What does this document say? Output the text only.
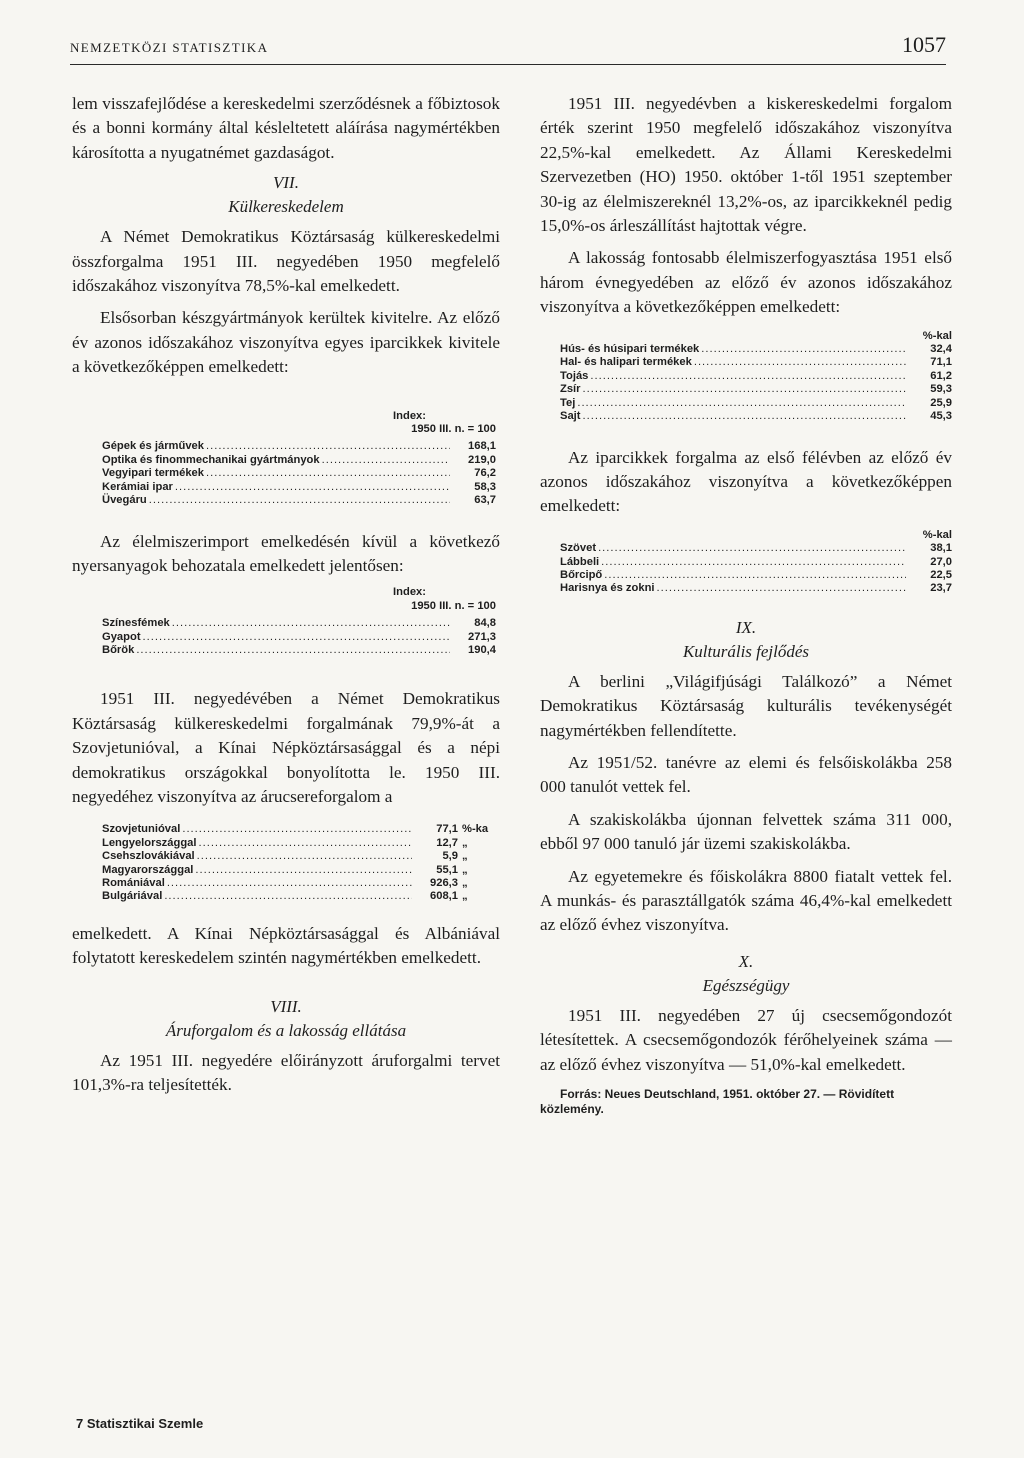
NEMZETKÖZI STATISZTIKA	1057

lem visszafejlődése a kereskedelmi szerződésnek a főbiztosok és a bonni kormány által késleltetett aláírása nagymértékben károsította a nyugatnémet gazdaságot.

VII.
Külkereskedelem

A Német Demokratikus Köztársaság külkereskedelmi összforgalma 1951 III. negyedében 1950 megfelelő időszakához viszonyítva 78,5%-kal emelkedett.

Elsősorban készgyártmányok kerültek kivitelre. Az előző év azonos időszakához viszonyítva egyes iparcikkek kivitele a következőképpen emelkedett:

Index:
1950 III. n. = 100
Gépek és járművek .....	168,1
Optika és finommechanikai gyártmányok .....	219,0
Vegyipari termékek .....	76,2
Kerámiai ipar .....	58,3
Üvegáru .....	63,7

Az élelmiszerimport emelkedésén kívül a következő nyersanyagok behozatala emelkedett jelentősen:

Index:
1950 III. n. = 100
Színesfémek .....	84,8
Gyapot .....	271,3
Bőrök .....	190,4

1951 III. negyedévében a Német Demokratikus Köztársaság külkereskedelmi forgalmának 79,9%-át a Szovjetunióval, a Kínai Népköztársasággal és a népi demokratikus országokkal bonyolította le. 1950 III. negyedéhez viszonyítva az árucsereforgalom a

Szovjetunióval .....	77,1 %-ka
Lengyelországgal .....	12,7 „
Csehszlovákiával .....	5,9 „
Magyarországgal .....	55,1 „
Romániával .....	926,3 „
Bulgáriával .....	608,1 „

emelkedett. A Kínai Népköztársasággal és Albániával folytatott kereskedelem szintén nagymértékben emelkedett.

VIII.
Áruforgalom és a lakosság ellátása

Az 1951 III. negyedére előirányzott áruforgalmi tervet 101,3%-ra teljesítették.

1951 III. negyedévben a kiskereskedelmi forgalom érték szerint 1950 megfelelő időszakához viszonyítva 22,5%-kal emelkedett. Az Állami Kereskedelmi Szervezetben (HO) 1950. október 1-től 1951 szeptember 30-ig az élelmiszereknél 13,2%-os, az iparcikkeknél pedig 15,0%-os árleszállítást hajtottak végre.

A lakosság fontosabb élelmiszerfogyasztása 1951 első három évnegyedében az előző év azonos időszakához viszonyítva a következőképpen emelkedett:

%-kal
Hús- és húsipari termékek .....	32,4
Hal- és halipari termékek .....	71,1
Tojás .....	61,2
Zsír .....	59,3
Tej .....	25,9
Sajt .....	45,3

Az iparcikkek forgalma az első félévben az előző év azonos időszakához viszonyítva a következőképpen emelkedett:

%-kal
Szövet .....	38,1
Lábbeli .....	27,0
Bőrcipő .....	22,5
Harisnya és zokni .....	23,7
IX.
Kulturális fejlődés

A berlini „Világifjúsági Találkozó” a Német Demokratikus Köztársaság kulturális tevékenységét nagymértékben fellendítette.

Az 1951/52. tanévre az elemi és felsőiskolákba 258 000 tanulót vettek fel.

A szakiskolákba újonnan felvettek száma 311 000, ebből 97 000 tanuló jár üzemi szakiskolákba.

Az egyetemekre és főiskolákra 8800 fiatalt vettek fel. A munkás- és parasztállgatók száma 46,4%-kal emelkedett az előző évhez viszonyítva.

X.
Egészségügy

1951 III. negyedében 27 új csecsemőgondozót létesítettek. A csecsemőgondozók férőhelyeinek száma — az előző évhez viszonyítva — 51,0%-kal emelkedett.

Forrás: Neues Deutschland, 1951. október 27. — Rövidített közlemény.

7 Statisztikai Szemle
